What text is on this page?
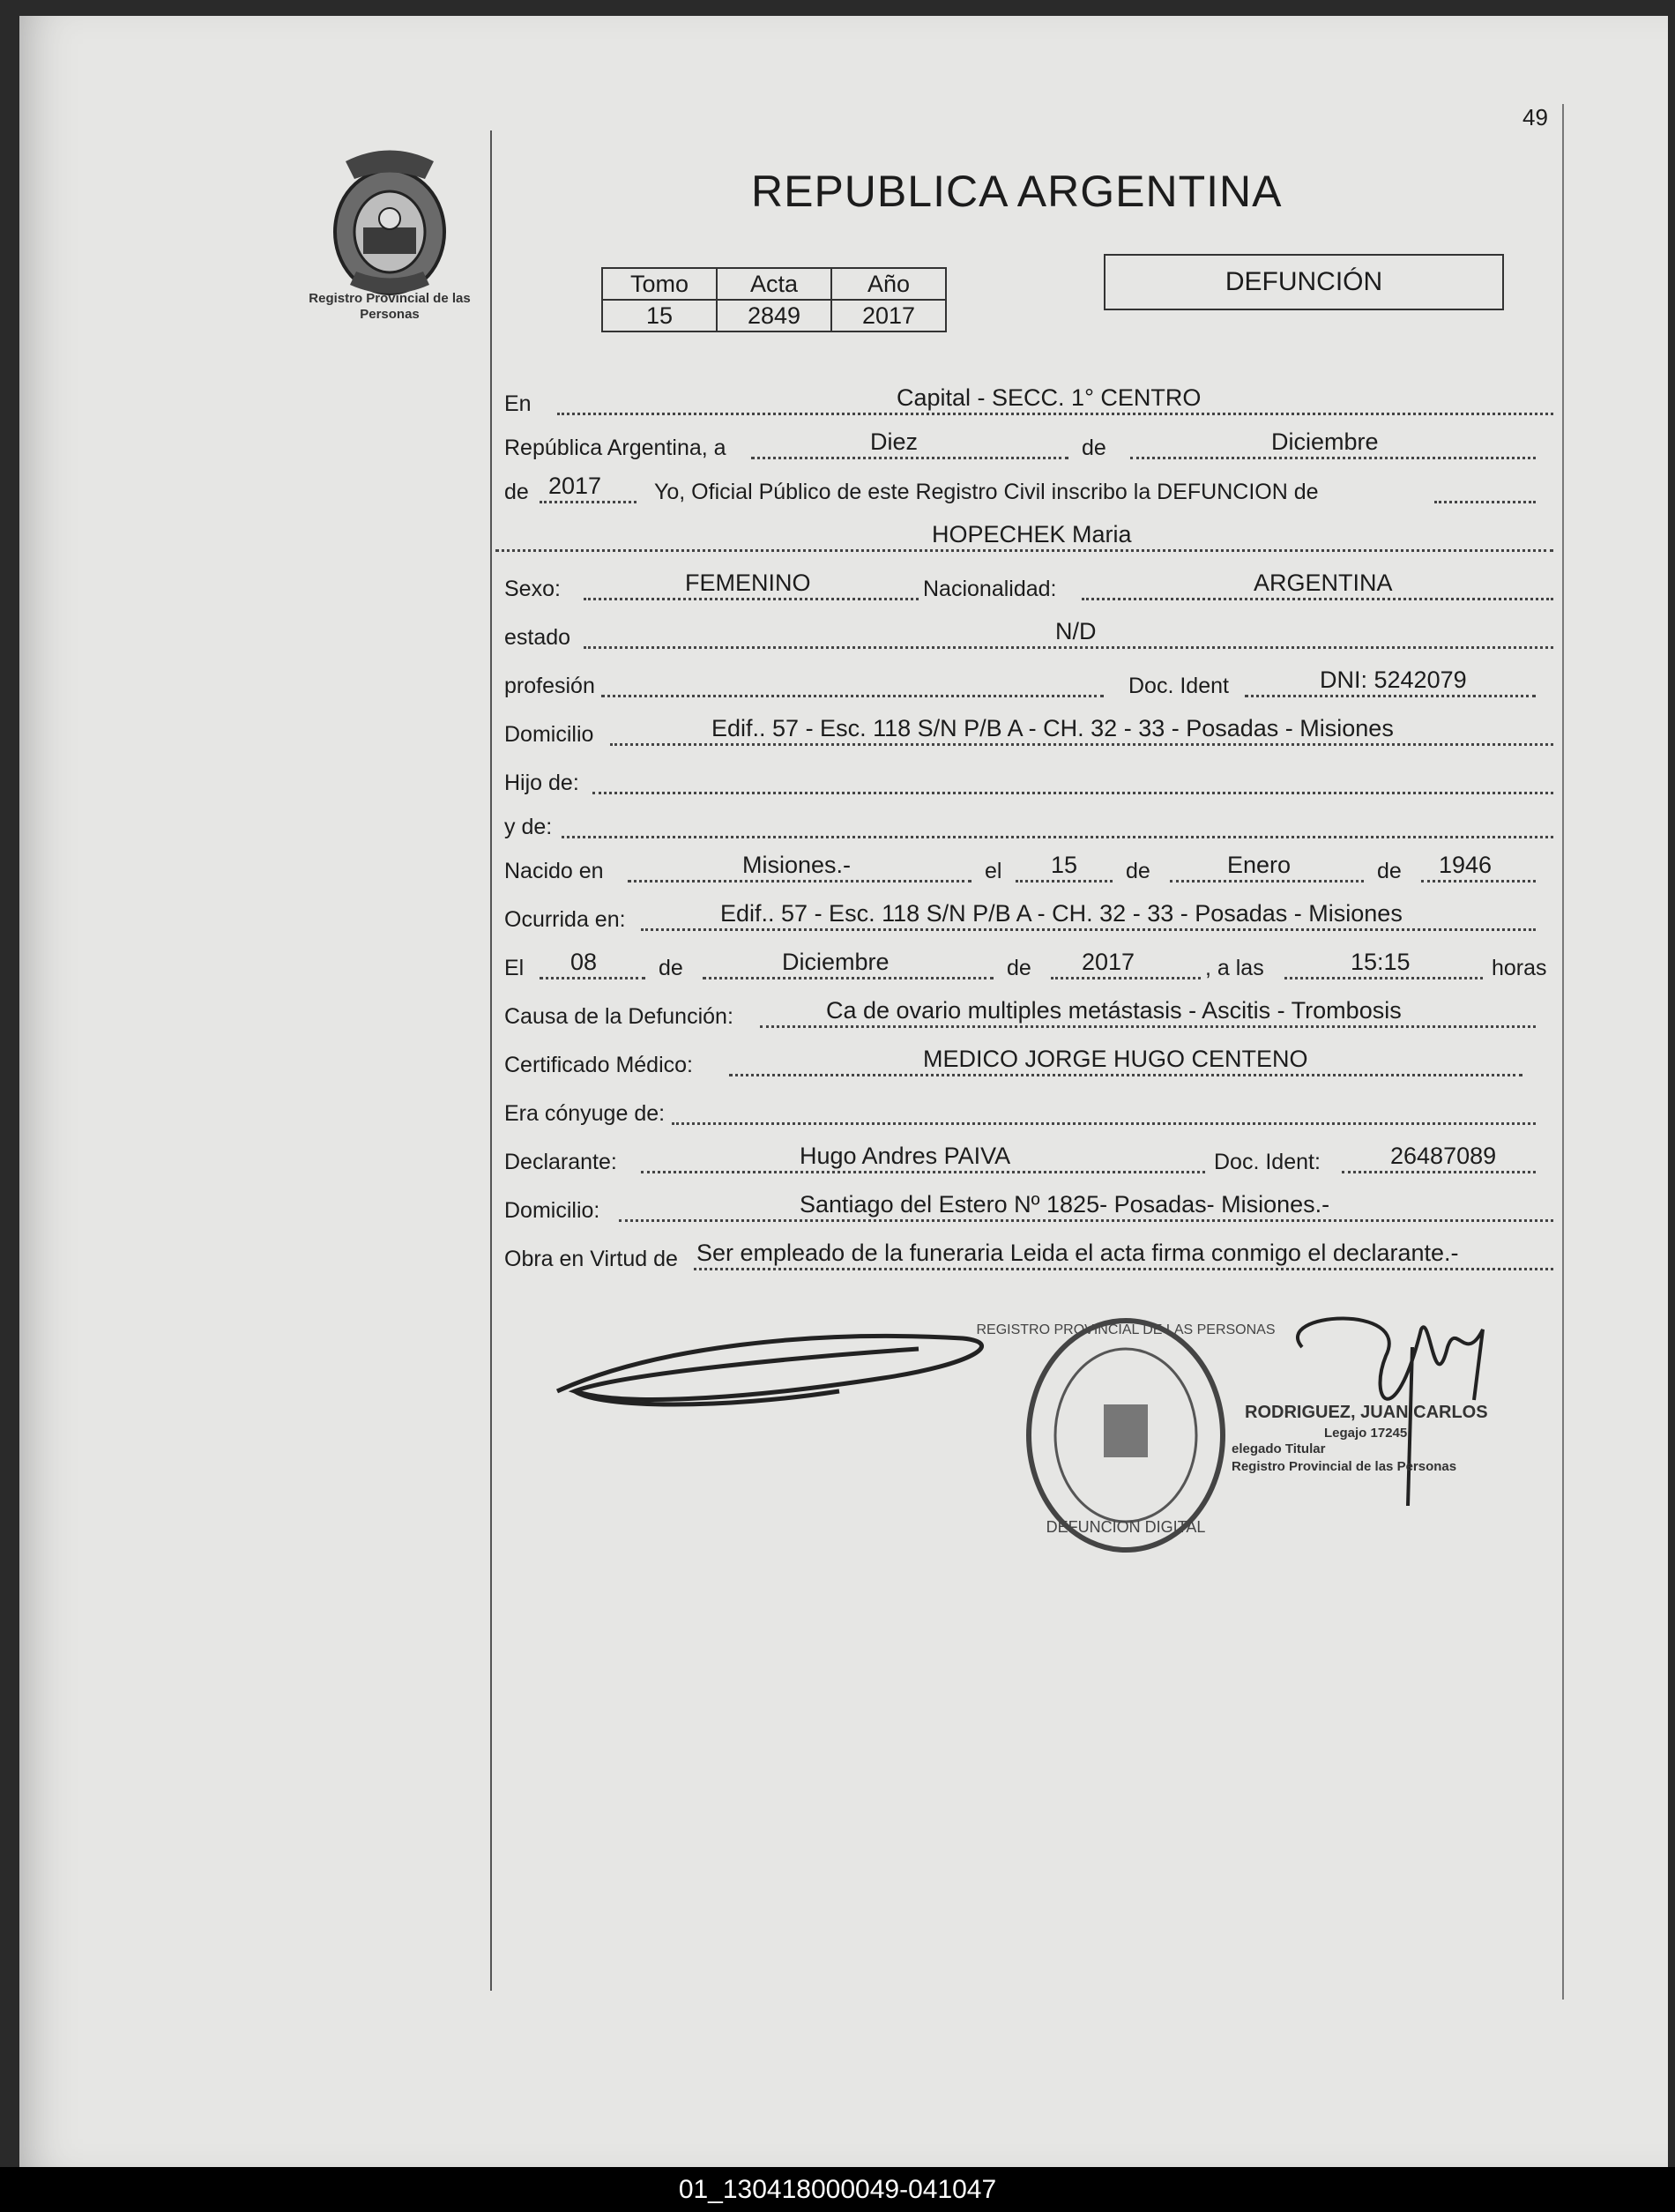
49
Registro Provincial de las Personas
REPUBLICA ARGENTINA
Tomo	Acta	Año
15	2849	2017
DEFUNCIÓN
En	Capital - SECC. 1° CENTRO
República Argentina, a	Diez	de	Diciembre
de 2017 Yo, Oficial Público de este Registro Civil inscribo la DEFUNCION de
HOPECHEK Maria
Sexo:	FEMENINO	Nacionalidad:	ARGENTINA
estado	N/D
profesión	Doc. Ident	DNI: 5242079
Domicilio	Edif.. 57 - Esc. 118 S/N P/B A - CH. 32 - 33 - Posadas - Misiones
Hijo de:
y de:
Nacido en	Misiones.-	el 15 de	Enero	de 1946
Ocurrida en:	Edif.. 57 - Esc. 118 S/N P/B A - CH. 32 - 33 - Posadas - Misiones
El 08	de	Diciembre	de 2017	, a las	15:15	horas
Causa de la Defunción:	Ca de ovario multiples metástasis - Ascitis - Trombosis
Certificado Médico:	MEDICO JORGE HUGO CENTENO
Era cónyuge de:
Declarante:	Hugo Andres PAIVA	Doc. Ident:	26487089
Domicilio:	Santiago del Estero Nº 1825- Posadas- Misiones.-
Obra en Virtud de Ser empleado de la funeraria Leida el acta firma conmigo el declarante.-
REGISTRO PROVINCIAL DE LAS PERSONAS
DEFUNCION DIGITAL
RODRIGUEZ, JUAN CARLOS
Legajo 17245
elegado Titular
Registro Provincial de las Personas
01_130418000049-041047
